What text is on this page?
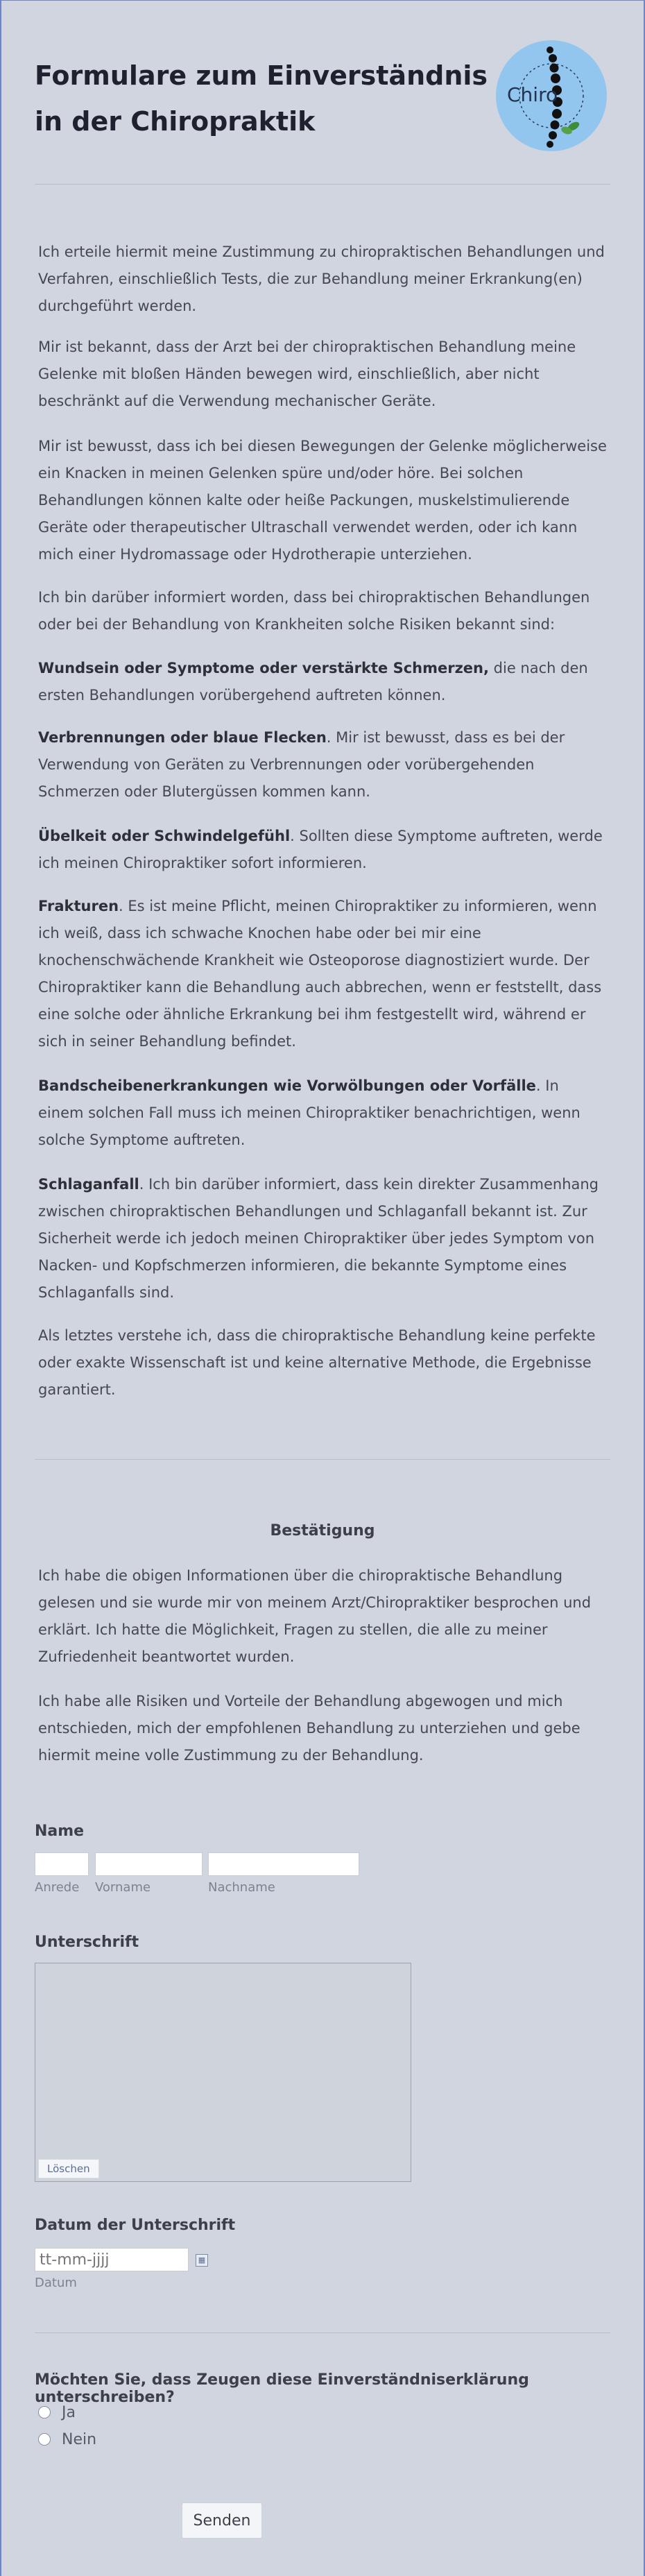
Formulare zum Einverständnis in der Chiropraktik
Chiro

Ich erteile hiermit meine Zustimmung zu chiropraktischen Behandlungen und Verfahren, einschließlich Tests, die zur Behandlung meiner Erkrankung(en) durchgeführt werden.

Mir ist bekannt, dass der Arzt bei der chiropraktischen Behandlung meine Gelenke mit bloßen Händen bewegen wird, einschließlich, aber nicht beschränkt auf die Verwendung mechanischer Geräte.

Mir ist bewusst, dass ich bei diesen Bewegungen der Gelenke möglicherweise ein Knacken in meinen Gelenken spüre und/oder höre. Bei solchen Behandlungen können kalte oder heiße Packungen, muskelstimulierende Geräte oder therapeutischer Ultraschall verwendet werden, oder ich kann mich einer Hydromassage oder Hydrotherapie unterziehen.

Ich bin darüber informiert worden, dass bei chiropraktischen Behandlungen oder bei der Behandlung von Krankheiten solche Risiken bekannt sind:

Wundsein oder Symptome oder verstärkte Schmerzen, die nach den ersten Behandlungen vorübergehend auftreten können.

Verbrennungen oder blaue Flecken. Mir ist bewusst, dass es bei der Verwendung von Geräten zu Verbrennungen oder vorübergehenden Schmerzen oder Blutergüssen kommen kann.

Übelkeit oder Schwindelgefühl. Sollten diese Symptome auftreten, werde ich meinen Chiropraktiker sofort informieren.

Frakturen. Es ist meine Pflicht, meinen Chiropraktiker zu informieren, wenn ich weiß, dass ich schwache Knochen habe oder bei mir eine knochenschwächende Krankheit wie Osteoporose diagnostiziert wurde. Der Chiropraktiker kann die Behandlung auch abbrechen, wenn er feststellt, dass eine solche oder ähnliche Erkrankung bei ihm festgestellt wird, während er sich in seiner Behandlung befindet.

Bandscheibenerkrankungen wie Vorwölbungen oder Vorfälle. In einem solchen Fall muss ich meinen Chiropraktiker benachrichtigen, wenn solche Symptome auftreten.

Schlaganfall. Ich bin darüber informiert, dass kein direkter Zusammenhang zwischen chiropraktischen Behandlungen und Schlaganfall bekannt ist. Zur Sicherheit werde ich jedoch meinen Chiropraktiker über jedes Symptom von Nacken- und Kopfschmerzen informieren, die bekannte Symptome eines Schlaganfalls sind.

Als letztes verstehe ich, dass die chiropraktische Behandlung keine perfekte oder exakte Wissenschaft ist und keine alternative Methode, die Ergebnisse garantiert.

Bestätigung

Ich habe die obigen Informationen über die chiropraktische Behandlung gelesen und sie wurde mir von meinem Arzt/Chiropraktiker besprochen und erklärt. Ich hatte die Möglichkeit, Fragen zu stellen, die alle zu meiner Zufriedenheit beantwortet wurden.

Ich habe alle Risiken und Vorteile der Behandlung abgewogen und mich entschieden, mich der empfohlenen Behandlung zu unterziehen und gebe hiermit meine volle Zustimmung zu der Behandlung.

Name
Anrede Vorname	Nachname
Unterschrift
Löschen
Datum der Unterschrift
tt-mm-jjjj
▦
Datum
Möchten Sie, dass Zeugen diese Einverständniserklärung unterschreiben?
Ja
Nein
Senden
